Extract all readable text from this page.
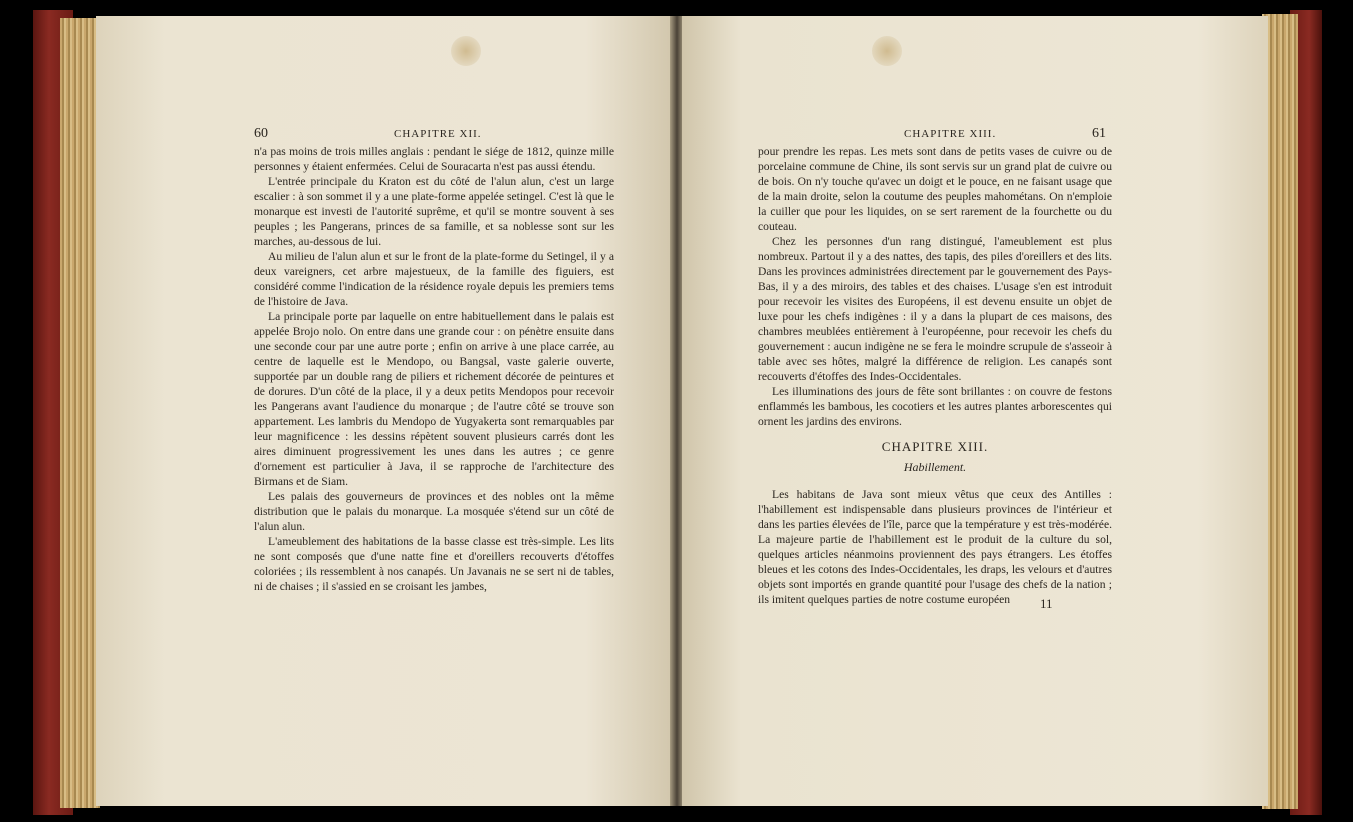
60	CHAPITRE XII.

n'a pas moins de trois milles anglais : pendant le siége de 1812, quinze mille personnes y étaient enfermées. Celui de Souracarta n'est pas aussi étendu.

L'entrée principale du Kraton est du côté de l'alun alun, c'est un large escalier : à son sommet il y a une plate-forme appelée setingel. C'est là que le monarque est investi de l'autorité suprême, et qu'il se montre souvent à ses peuples ; les Pangerans, princes de sa famille, et sa noblesse sont sur les marches, au-dessous de lui.

Au milieu de l'alun alun et sur le front de la plate-forme du Setingel, il y a deux vareigners, cet arbre majestueux, de la famille des figuiers, est considéré comme l'indication de la résidence royale depuis les premiers tems de l'histoire de Java.

La principale porte par laquelle on entre habituellement dans le palais est appelée Brojo nolo. On entre dans une grande cour : on pénètre ensuite dans une seconde cour par une autre porte ; enfin on arrive à une place carrée, au centre de laquelle est le Mendopo, ou Bangsal, vaste galerie ouverte, supportée par un double rang de piliers et richement décorée de peintures et de dorures. D'un côté de la place, il y a deux petits Mendopos pour recevoir les Pangerans avant l'audience du monarque ; de l'autre côté se trouve son appartement. Les lambris du Mendopo de Yugyakerta sont remarquables par leur magnificence : les dessins répètent souvent plusieurs carrés dont les aires diminuent progressivement les unes dans les autres ; ce genre d'ornement est particulier à Java, il se rapproche de l'architecture des Birmans et de Siam.

Les palais des gouverneurs de provinces et des nobles ont la même distribution que le palais du monarque. La mosquée s'étend sur un côté de l'alun alun.

L'ameublement des habitations de la basse classe est très-simple. Les lits ne sont composés que d'une natte fine et d'oreillers recouverts d'étoffes coloriées ; ils ressemblent à nos canapés. Un Javanais ne se sert ni de tables, ni de chaises ; il s'assied en se croisant les jambes,

CHAPITRE XIII.	61

pour prendre les repas. Les mets sont dans de petits vases de cuivre ou de porcelaine commune de Chine, ils sont servis sur un grand plat de cuivre ou de bois. On n'y touche qu'avec un doigt et le pouce, en ne faisant usage que de la main droite, selon la coutume des peuples mahométans. On n'emploie la cuiller que pour les liquides, on se sert rarement de la fourchette ou du couteau.

Chez les personnes d'un rang distingué, l'ameublement est plus nombreux. Partout il y a des nattes, des tapis, des piles d'oreillers et des lits. Dans les provinces administrées directement par le gouvernement des Pays-Bas, il y a des miroirs, des tables et des chaises. L'usage s'en est introduit pour recevoir les visites des Européens, il est devenu ensuite un objet de luxe pour les chefs indigènes : il y a dans la plupart de ces maisons, des chambres meublées entièrement à l'européenne, pour recevoir les chefs du gouvernement : aucun indigène ne se fera le moindre scrupule de s'asseoir à table avec ses hôtes, malgré la différence de religion. Les canapés sont recouverts d'étoffes des Indes-Occidentales.

Les illuminations des jours de fête sont brillantes : on couvre de festons enflammés les bambous, les cocotiers et les autres plantes arborescentes qui ornent les jardins des environs.

CHAPITRE XIII.
Habillement.

Les habitans de Java sont mieux vêtus que ceux des Antilles : l'habillement est indispensable dans plusieurs provinces de l'intérieur et dans les parties élevées de l'île, parce que la température y est très-modérée. La majeure partie de l'habillement est le produit de la culture du sol, quelques articles néanmoins proviennent des pays étrangers. Les étoffes bleues et les cotons des Indes-Occidentales, les draps, les velours et d'autres objets sont importés en grande quantité pour l'usage des chefs de la nation ; ils imitent quelques parties de notre costume européen	11
